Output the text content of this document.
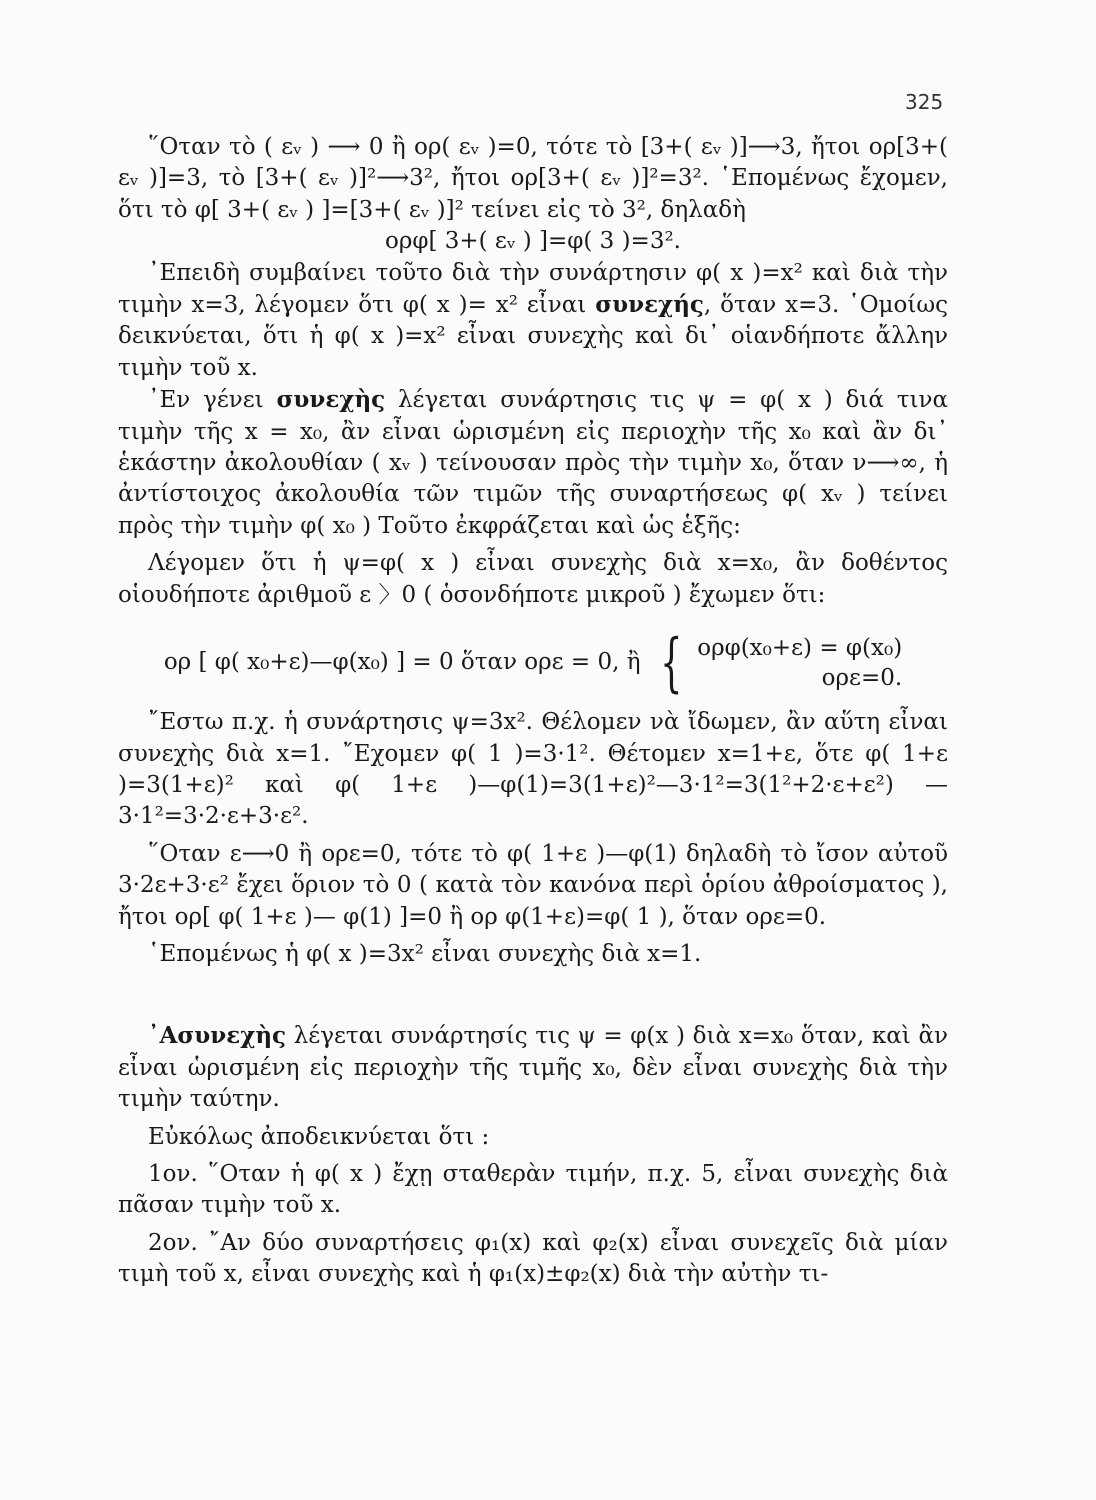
325

῞Οταν τὸ ( εᵥ ) ⟶ 0 ἢ ορ( εᵥ )=0, τότε τὸ [3+( εᵥ )]⟶3, ἤτοι ορ[3+( εᵥ )]=3, τὸ [3+( εᵥ )]²⟶3², ἤτοι ορ[3+( εᵥ )]²=3². ῾Επομένως ἔχομεν, ὅτι τὸ φ[ 3+( εᵥ ) ]=[3+( εᵥ )]² τείνει εἰς τὸ 3², δηλαδὴ

ορφ[ 3+( εᵥ ) ]=φ( 3 )=3².

᾿Επειδὴ συμβαίνει τοῦτο διὰ τὴν συνάρτησιν φ( x )=x² καὶ διὰ τὴν τιμὴν x=3, λέγομεν ὅτι φ( x )= x² εἶναι συνεχής, ὅταν x=3. ῾Ομοίως δεικνύεται, ὅτι ἡ φ( x )=x² εἶναι συνεχὴς καὶ δι᾿ οἱανδήποτε ἄλλην τιμὴν τοῦ x.

᾿Εν γένει συνεχὴς λέγεται συνάρτησις τις ψ = φ( x ) διά τινα τιμὴν τῆς x = x₀, ἂν εἶναι ὡρισμένη εἰς περιοχὴν τῆς x₀ καὶ ἂν δι᾿ ἑκάστην ἀκολουθίαν ( xᵥ ) τείνουσαν πρὸς τὴν τιμὴν x₀, ὅταν ν⟶∞, ἡ ἀντίστοιχος ἀκολουθία τῶν τιμῶν τῆς συναρτήσεως φ( xᵥ ) τείνει πρὸς τὴν τιμὴν φ( x₀ ) Τοῦτο ἐκφράζεται καὶ ὡς ἑξῆς:

Λέγομεν ὅτι ἡ ψ=φ( x ) εἶναι συνεχὴς διὰ x=x₀, ἂν δοθέντος οἱουδήποτε ἀριθμοῦ ε 〉0 ( ὁσονδήποτε μικροῦ ) ἔχωμεν ὅτι:

ορ [ φ( x₀+ε)—φ(x₀) ] = 0 ὅταν ορε = 0, ἢ { ορφ(x₀+ε) = φ(x₀)
ορε=0.

῎Εστω π.χ. ἡ συνάρτησις ψ=3x². Θέλομεν νὰ ἴδωμεν, ἂν αὕτη εἶναι συνεχὴς διὰ x=1. ῎Εχομεν φ( 1 )=3·1². Θέτομεν x=1+ε, ὅτε φ( 1+ε )=3(1+ε)² καὶ φ( 1+ε )—φ(1)=3(1+ε)²—3·1²=3(1²+2·ε+ε²) —3·1²=3·2·ε+3·ε².

῞Οταν ε⟶0 ἢ ορε=0, τότε τὸ φ( 1+ε )—φ(1) δηλαδὴ τὸ ἴσον αὐτοῦ 3·2ε+3·ε² ἔχει ὅριον τὸ 0 ( κατὰ τὸν κανόνα περὶ ὁρίου ἀθροίσματος ), ἤτοι ορ[ φ( 1+ε )— φ(1) ]=0 ἢ ορ φ(1+ε)=φ( 1 ), ὅταν ορε=0.

῾Επομένως ἡ φ( x )=3x² εἶναι συνεχὴς διὰ x=1.

᾿Ασυνεχὴς λέγεται συνάρτησίς τις ψ = φ(x ) διὰ x=x₀ ὅταν, καὶ ἂν εἶναι ὡρισμένη εἰς περιοχὴν τῆς τιμῆς x₀, δὲν εἶναι συνεχὴς διὰ τὴν τιμὴν ταύτην.

Εὐκόλως ἀποδεικνύεται ὅτι :

1ον. ῞Οταν ἡ φ( x ) ἔχῃ σταθερὰν τιμήν, π.χ. 5, εἶναι συνεχὴς διὰ πᾶσαν τιμὴν τοῦ x.

2ον. ῎Αν δύο συναρτήσεις φ₁(x) καὶ φ₂(x) εἶναι συνεχεῖς διὰ μίαν τιμὴ τοῦ x, εἶναι συνεχὴς καὶ ἡ φ₁(x)±φ₂(x) διὰ τὴν αὐτὴν τι-
